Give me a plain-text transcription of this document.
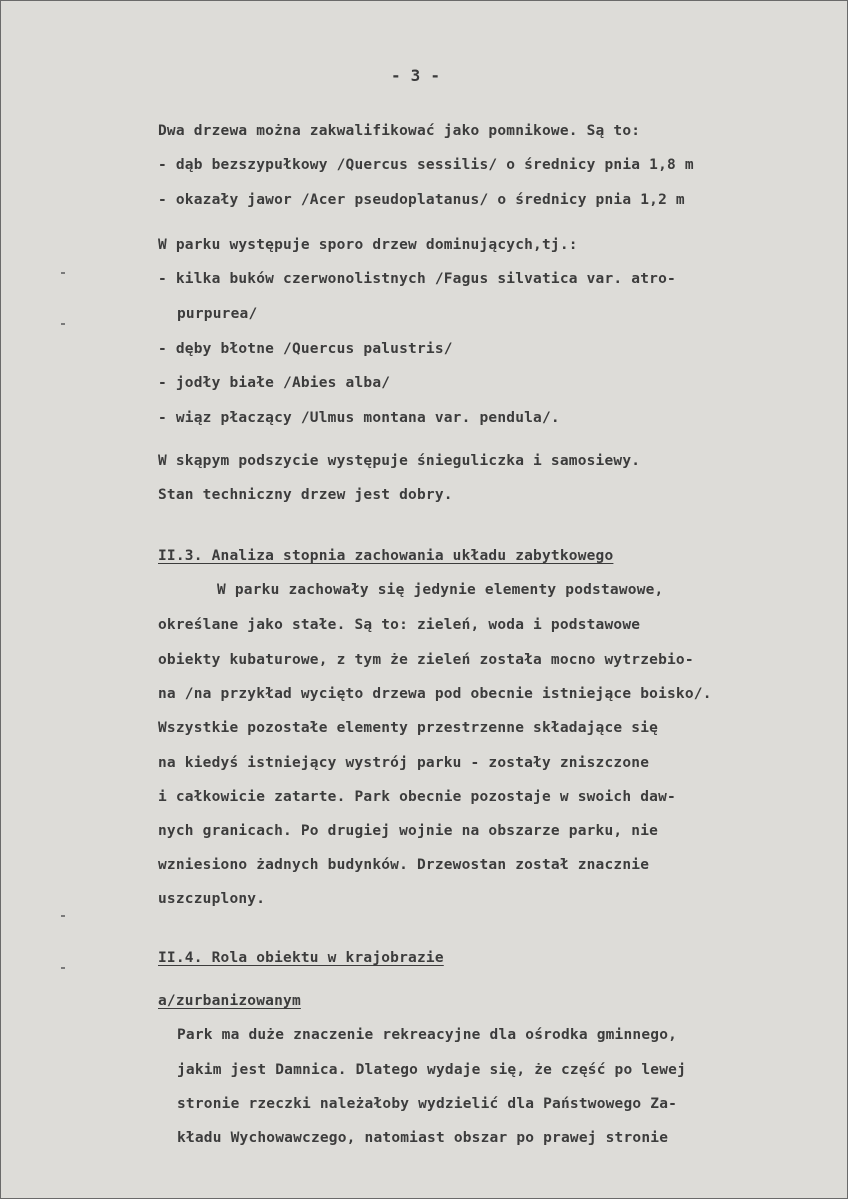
- 3 -
Dwa drzewa można zakwalifikować jako pomnikowe. Są to:
- dąb bezszypułkowy /Quercus sessilis/ o średnicy pnia 1,8 m
- okazały jawor /Acer pseudoplatanus/ o średnicy pnia 1,2 m
W parku występuje sporo drzew dominujących,tj.:
- kilka buków czerwonolistnych /Fagus silvatica var. atro-
purpurea/
- dęby błotne /Quercus palustris/
- jodły białe /Abies alba/
- wiąz płaczący /Ulmus montana var. pendula/.
W skąpym podszycie występuje śnieguliczka i samosiewy.
Stan techniczny drzew jest dobry.
II.3. Analiza stopnia zachowania układu zabytkowego
W parku zachowały się jedynie elementy podstawowe,
określane jako stałe. Są to: zieleń, woda i podstawowe
obiekty kubaturowe, z tym że zieleń została mocno wytrzebio-
na /na przykład wycięto drzewa pod obecnie istniejące boisko/.
Wszystkie pozostałe elementy przestrzenne składające się
na kiedyś istniejący wystrój parku - zostały zniszczone
i całkowicie zatarte. Park obecnie pozostaje w swoich daw-
nych granicach. Po drugiej wojnie na obszarze parku, nie
wzniesiono żadnych budynków. Drzewostan został znacznie
uszczuplony.
II.4. Rola obiektu w krajobrazie
a/zurbanizowanym
Park ma duże znaczenie rekreacyjne dla ośrodka gminnego,
jakim jest Damnica. Dlatego wydaje się, że część po lewej
stronie rzeczki należałoby wydzielić dla Państwowego Za-
kładu Wychowawczego, natomiast obszar po prawej stronie
